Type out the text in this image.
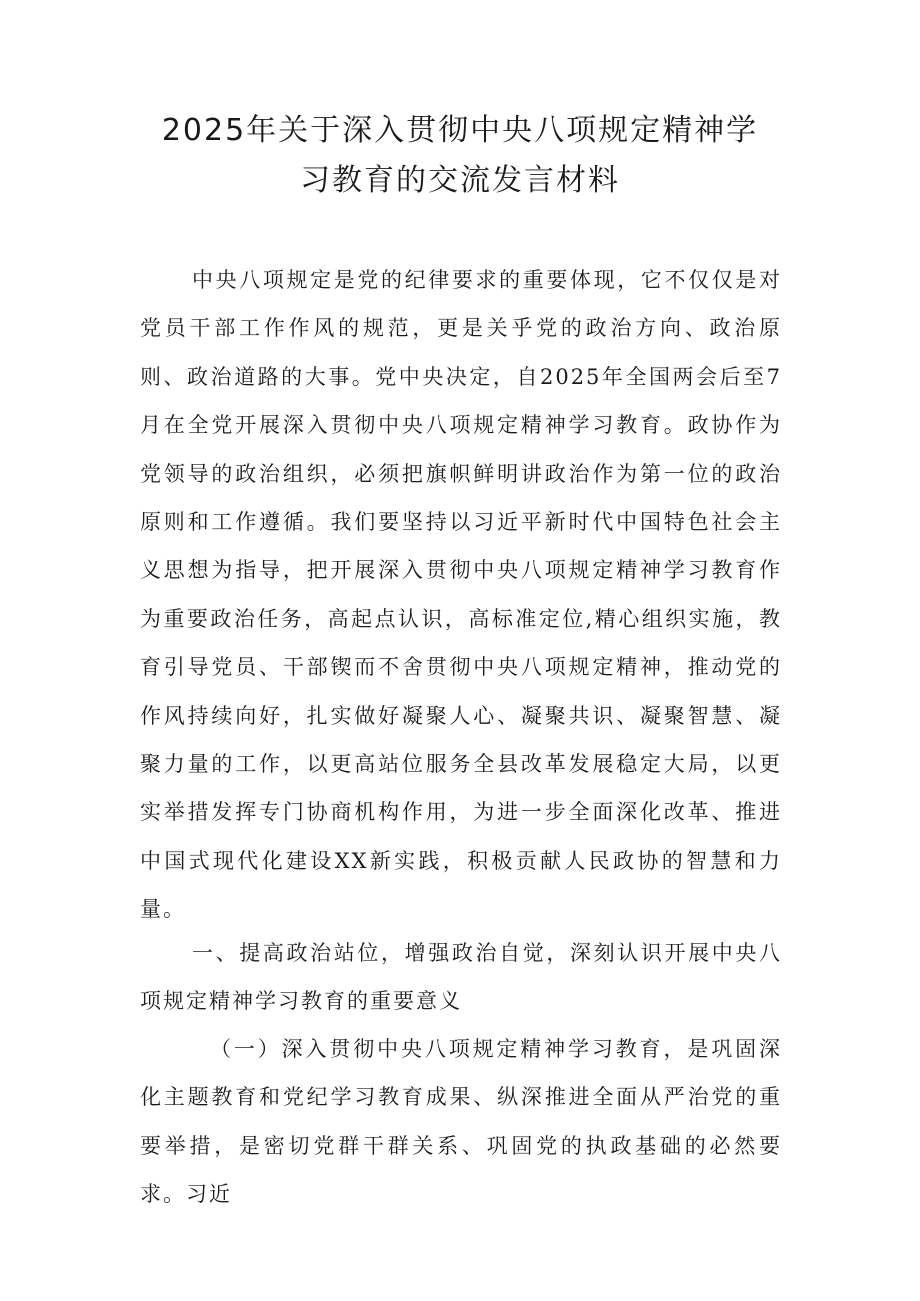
2025年关于深入贯彻中央八项规定精神学
习教育的交流发言材料

中央八项规定是党的纪律要求的重要体现，它不仅仅是对党员干部工作作风的规范，更是关乎党的政治方向、政治原则、政治道路的大事。党中央决定，自2025年全国两会后至7月在全党开展深入贯彻中央八项规定精神学习教育。政协作为党领导的政治组织，必须把旗帜鲜明讲政治作为第一位的政治原则和工作遵循。我们要坚持以习近平新时代中国特色社会主义思想为指导，把开展深入贯彻中央八项规定精神学习教育作为重要政治任务，高起点认识，高标准定位,精心组织实施，教育引导党员、干部锲而不舍贯彻中央八项规定精神，推动党的作风持续向好，扎实做好凝聚人心、凝聚共识、凝聚智慧、凝聚力量的工作，以更高站位服务全县改革发展稳定大局，以更实举措发挥专门协商机构作用，为进一步全面深化改革、推进中国式现代化建设XX新实践，积极贡献人民政协的智慧和力量。

一、提高政治站位，增强政治自觉，深刻认识开展中央八项规定精神学习教育的重要意义

（一）深入贯彻中央八项规定精神学习教育，是巩固深化主题教育和党纪学习教育成果、纵深推进全面从严治党的重要举措，是密切党群干群关系、巩固党的执政基础的必然要求。习近
